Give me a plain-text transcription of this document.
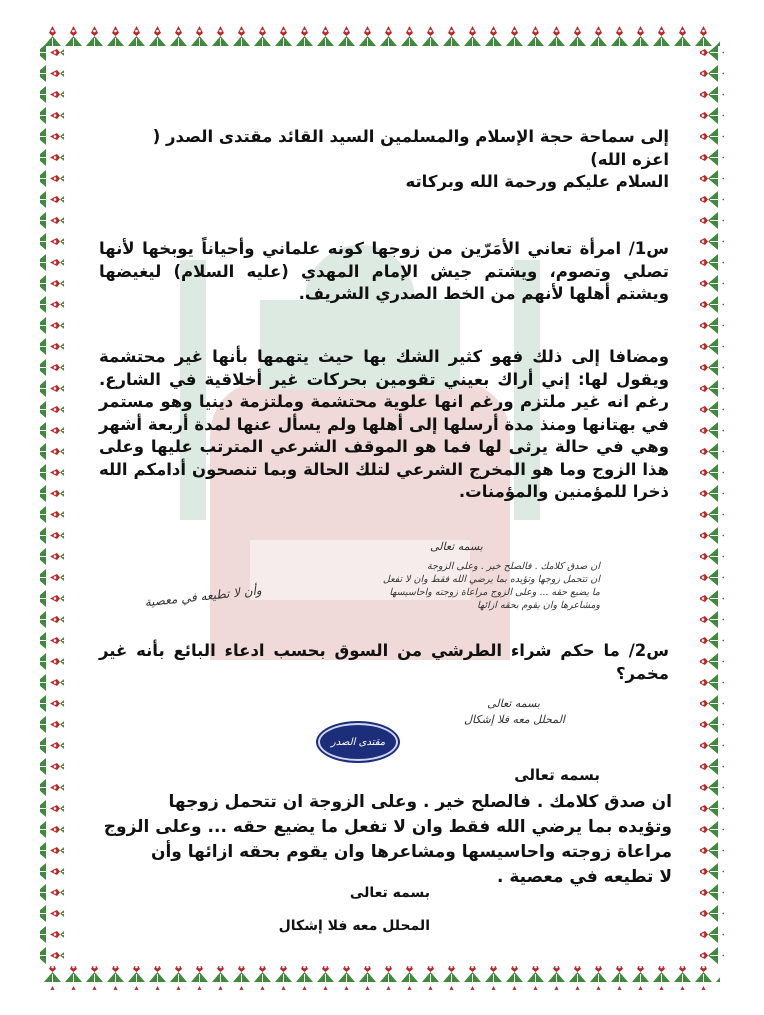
إلى سماحة حجة الإسلام والمسلمين السيد القائد مقتدى الصدر (
اعزه الله)
السلام عليكم ورحمة الله وبركاته
س1/ امرأة تعاني الأمَرّين من زوجها كونه علماني وأحياناً يوبخها لأنها تصلي وتصوم، ويشتم جيش الإمام المهدي (عليه السلام) ليغيضها ويشتم أهلها لأنهم من الخط الصدري الشريف.
ومضافا إلى ذلك فهو كثير الشك بها حيث يتهمها بأنها غير محتشمة ويقول لها: إني أراك بعيني تقومين بحركات غير أخلاقية في الشارع. رغم انه غير ملتزم ورغم انها علوية محتشمة وملتزمة دينيا وهو مستمر في بهتانها ومنذ مدة أرسلها إلى أهلها ولم يسأل عنها لمدة أربعة أشهر وهي في حالة يرثى لها فما هو الموقف الشرعي المترتب عليها وعلى هذا الزوج وما هو المخرج الشرعي لتلك الحالة وبما تنصحون أدامكم الله ذخرا للمؤمنين والمؤمنات.
بسمه تعالى
ان صدق كلامك . فالصلح خير . وعلى الزوجة
ان تتحمل زوجها وتؤيده بما يرضي الله فقط وان لا تفعل
ما يضيع حقه ... وعلى الزوج مراعاة زوجته واحاسيسها
ومشاعرها وان يقوم بحقه ازائها
وأن لا تطيعه في معصية
س2/ ما حكم شراء الطرشي من السوق بحسب ادعاء البائع بأنه غير مخمر؟
بسمه تعالى
المحلل معه فلا إشكال
مقتدى الصدر
بسمه تعالى
ان صدق كلامك . فالصلح خير . وعلى الزوجة ان تتحمل زوجها
وتؤيده بما يرضي الله فقط وان لا تفعل ما يضيع حقه ... وعلى الزوج
مراعاة زوجته واحاسيسها ومشاعرها وان يقوم بحقه ازائها وأن
لا تطيعه في معصية .
بسمه تعالى
المحلل معه فلا إشكال
